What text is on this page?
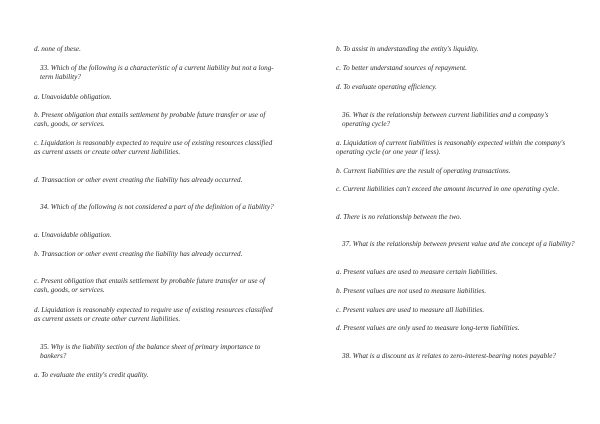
d. none of these.
33. Which of the following is a characteristic of a current liability but not a long-term liability?
a. Unavoidable obligation.
b. Present obligation that entails settlement by probable future transfer or use of cash, goods, or services.
c. Liquidation is reasonably expected to require use of existing resources classified as current assets or create other current liabilities.
d. Transaction or other event creating the liability has already occurred.
34. Which of the following is not considered a part of the definition of a liability?
a. Unavoidable obligation.
b. Transaction or other event creating the liability has already occurred.
c. Present obligation that entails settlement by probable future transfer or use of cash, goods, or services.
d. Liquidation is reasonably expected to require use of existing resources classified as current assets or create other current liabilities.
35. Why is the liability section of the balance sheet of primary importance to bankers?
a. To evaluate the entity's credit quality.
b. To assist in understanding the entity's liquidity.
c. To better understand sources of repayment.
d. To evaluate operating efficiency.
36. What is the relationship between current liabilities and a company's operating cycle?
a. Liquidation of current liabilities is reasonably expected within the company's operating cycle (or one year if less).
b. Current liabilities are the result of operating transactions.
c. Current liabilities can't exceed the amount incurred in one operating cycle.
d. There is no relationship between the two.
37. What is the relationship between present value and the concept of a liability?
a. Present values are used to measure certain liabilities.
b. Present values are not used to measure liabilities.
c. Present values are used to measure all liabilities.
d. Present values are only used to measure long-term liabilities.
38. What is a discount as it relates to zero-interest-bearing notes payable?
